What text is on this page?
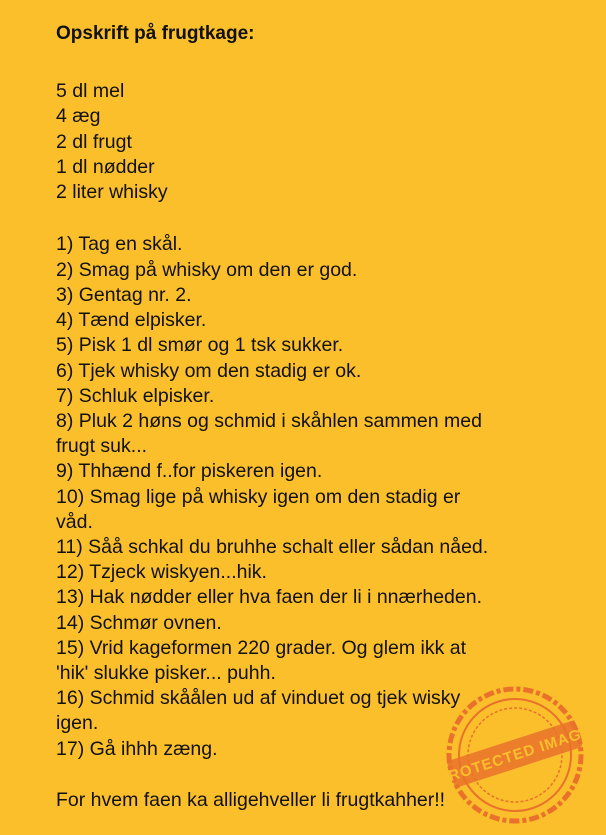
Opskrift på frugtkage:
5 dl mel
4 æg
2 dl frugt
1 dl nødder
2 liter whisky
1) Tag en skål.
2) Smag på whisky om den er god.
3) Gentag nr. 2.
4) Tænd elpisker.
5) Pisk 1 dl smør og 1 tsk sukker.
6) Tjek whisky om den stadig er ok.
7) Schluk elpisker.
8) Pluk 2 høns og schmid i skåhlen sammen med
frugt suk...
9) Thhænd f..for piskeren igen.
10) Smag lige på whisky igen om den stadig er
våd.
11) Såå schkal du bruhhe schalt eller sådan nåed.
12) Tzjeck wiskyen...hik.
13) Hak nødder eller hva faen der li i nnærheden.
14) Schmør ovnen.
15) Vrid kageformen 220 grader. Og glem ikk at
'hik' slukke pisker... puhh.
16) Schmid skåålen ud af vinduet og tjek wisky
igen.
17) Gå ihhh zæng.
For hvem faen ka alligehveller li frugtkahher!!
PROTECTED IMAGE
